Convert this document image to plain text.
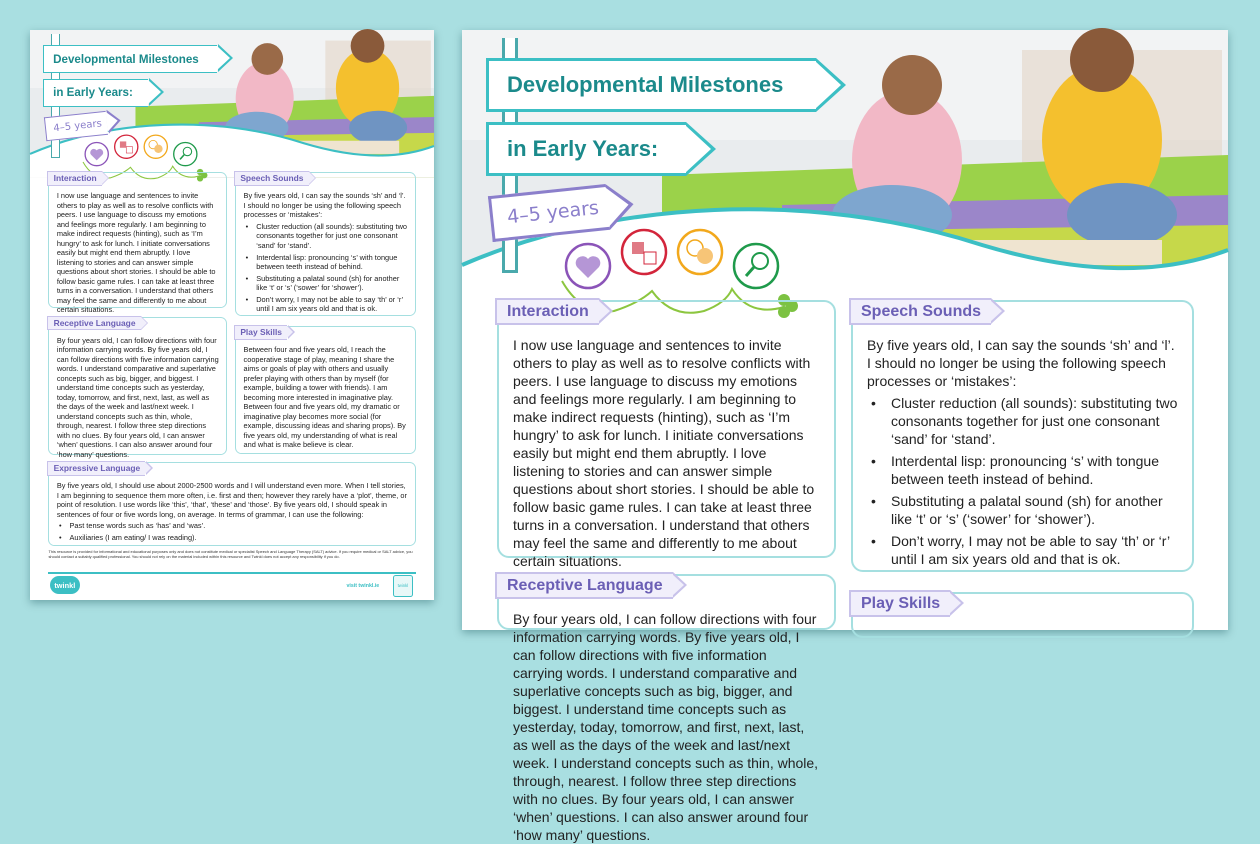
Developmental Milestones
in Early Years:
4–5 years
Interaction

I now use language and sentences to invite others to play as well as to resolve conflicts with peers. I use language to discuss my emotions and feelings more regularly. I am beginning to make indirect requests (hinting), such as ‘I’m hungry’ to ask for lunch. I initiate conversations easily but might end them abruptly. I love listening to stories and can answer simple questions about short stories. I should be able to follow basic game rules. I can take at least three turns in a conversation. I understand that others may feel the same and differently to me about certain situations.

Speech Sounds

By five years old, I can say the sounds ‘sh’ and ‘l’. I should no longer be using the following speech processes or ‘mistakes’:

• Cluster reduction (all sounds): substituting two consonants together for just one consonant ‘sand’ for ‘stand’.
• Interdental lisp: pronouncing ‘s’ with tongue between teeth instead of behind.
• Substituting a palatal sound (sh) for another like ‘t’ or ‘s’ (‘sower’ for ‘shower’).
• Don’t worry, I may not be able to say ‘th’ or ‘r’ until I am six years old and that is ok.
Receptive Language

By four years old, I can follow directions with four information carrying words. By five years old, I can follow directions with five information carrying words. I understand comparative and superlative concepts such as big, bigger, and biggest. I understand time concepts such as yesterday, today, tomorrow, and first, next, last, as well as the days of the week and last/next week. I understand concepts such as thin, whole, through, nearest. I follow three step directions with no clues. By four years old, I can answer ‘when’ questions. I can also answer around four ‘how many’ questions.

Play Skills

Between four and five years old, I reach the cooperative stage of play, meaning I share the aims or goals of play with others and usually prefer playing with others than by myself (for example, building a tower with friends). I am becoming more interested in imaginative play. Between four and five years old, my dramatic or imaginative play becomes more social (for example, discussing ideas and sharing props). By five years old, my understanding of what is real and what is make believe is clear.

Expressive Language

By five years old, I should use about 2000-2500 words and I will understand even more. When I tell stories, I am beginning to sequence them more often, i.e. first and then; however they rarely have a ‘plot’, theme, or point of resolution. I use words like ‘this’, ‘that’, ‘these’ and ‘those’. By five years old, I should speak in sentences of four or five words long, on average. In terms of grammar, I can use the following:

• Past tense words such as ‘has’ and ‘was’.
• Auxiliaries (I am eating/ I was reading).
This resource is provided for informational and educational purposes only and does not constitute medical or specialist Speech and Language Therapy (SALT) advice. If you require medical or SALT advice, you should contact a suitably qualified professional. You should not rely on the material included within this resource and Twinkl does not accept any responsibility if you do.
twinkl	visit twinkl.ie	twinkl
Developmental Milestones
in Early Years:
4–5 years
Interaction

I now use language and sentences to invite others to play as well as to resolve conflicts with peers. I use language to discuss my emotions and feelings more regularly. I am beginning to make indirect requests (hinting), such as ‘I’m hungry’ to ask for lunch. I initiate conversations easily but might end them abruptly. I love listening to stories and can answer simple questions about short stories. I should be able to follow basic game rules. I can take at least three turns in a conversation. I understand that others may feel the same and differently to me about certain situations.

Speech Sounds

By five years old, I can say the sounds ‘sh’ and ‘l’. I should no longer be using the following speech processes or ‘mistakes’:

• Cluster reduction (all sounds): substituting two consonants together for just one consonant ‘sand’ for ‘stand’.
• Interdental lisp: pronouncing ‘s’ with tongue between teeth instead of behind.
• Substituting a palatal sound (sh) for another like ‘t’ or ‘s’ (‘sower’ for ‘shower’).
• Don’t worry, I may not be able to say ‘th’ or ‘r’ until I am six years old and that is ok.
Receptive Language

By four years old, I can follow directions with four information carrying words. By five years old, I can follow directions with five information carrying words. I understand comparative and superlative concepts such as big, bigger, and biggest. I understand time concepts such as yesterday, today, tomorrow, and first, next, last, as well as the days of the week and last/next week. I understand concepts such as thin, whole, through, nearest. I follow three step directions with no clues. By four years old, I can answer ‘when’ questions. I can also answer around four ‘how many’ questions.

Play Skills
